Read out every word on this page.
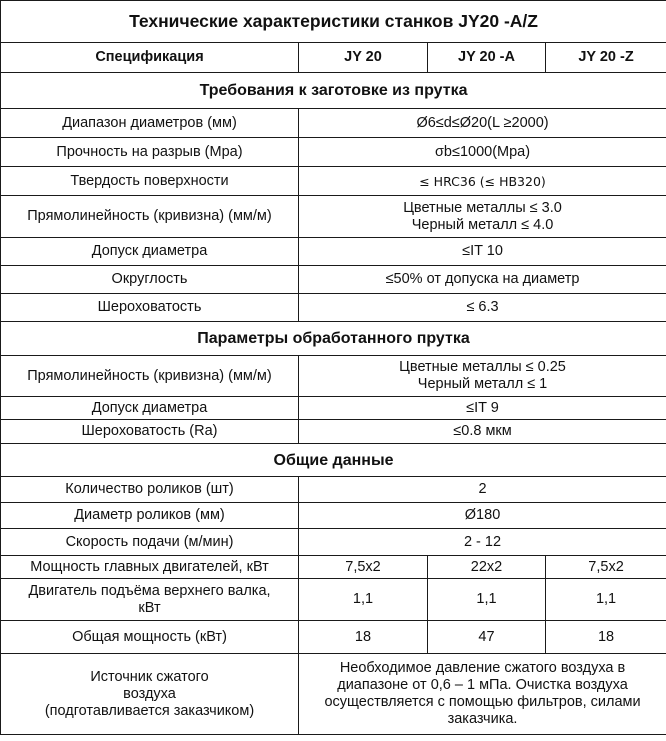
Технические характеристики станков JY20 -A/Z			
Спецификация	JY 20	JY 20 -A	JY 20 -Z
Требования к заготовке из прутка			
Диапазон диаметров (мм)	Ø6≤d≤Ø20(L ≥2000)		
Прочность на разрыв (Mpa)	σb≤1000(Mpa)		
Твердость поверхности	≤ HRC36 (≤ HB320)		
Прямолинейность (кривизна) (мм/м)	Цветные металлы ≤ 3.0
Черный металл ≤ 4.0		

Допуск диаметра	≤IT 10		
Округлость	≤50% от допуска на диаметр		
Шероховатость	≤ 6.3		
Параметры обработанного прутка			
Прямолинейность (кривизна) (мм/м)	Цветные металлы ≤ 0.25
Черный металл ≤ 1		

Допуск диаметра	≤IT 9		
Шероховатость (Ra)	≤0.8 мкм		
Общие данные			
Количество роликов (шт)	2		
Диаметр роликов (мм)	Ø180		
Скорость подачи (м/мин)	2 - 12		
Мощность главных двигателей, кВт	7,5x2	22x2	7,5x2

Двигатель подъёма верхнего валка,
кВт	1,1	1,1	1,1
Общая мощность (кВт)	18	47	18

Источник сжатого
воздуха
(подготавливается заказчиком)	Необходимое давление сжатого воздуха в
диапазоне от 0,6 – 1 мПа. Очистка воздуха
осуществляется с помощью фильтров, силами
заказчика.		
